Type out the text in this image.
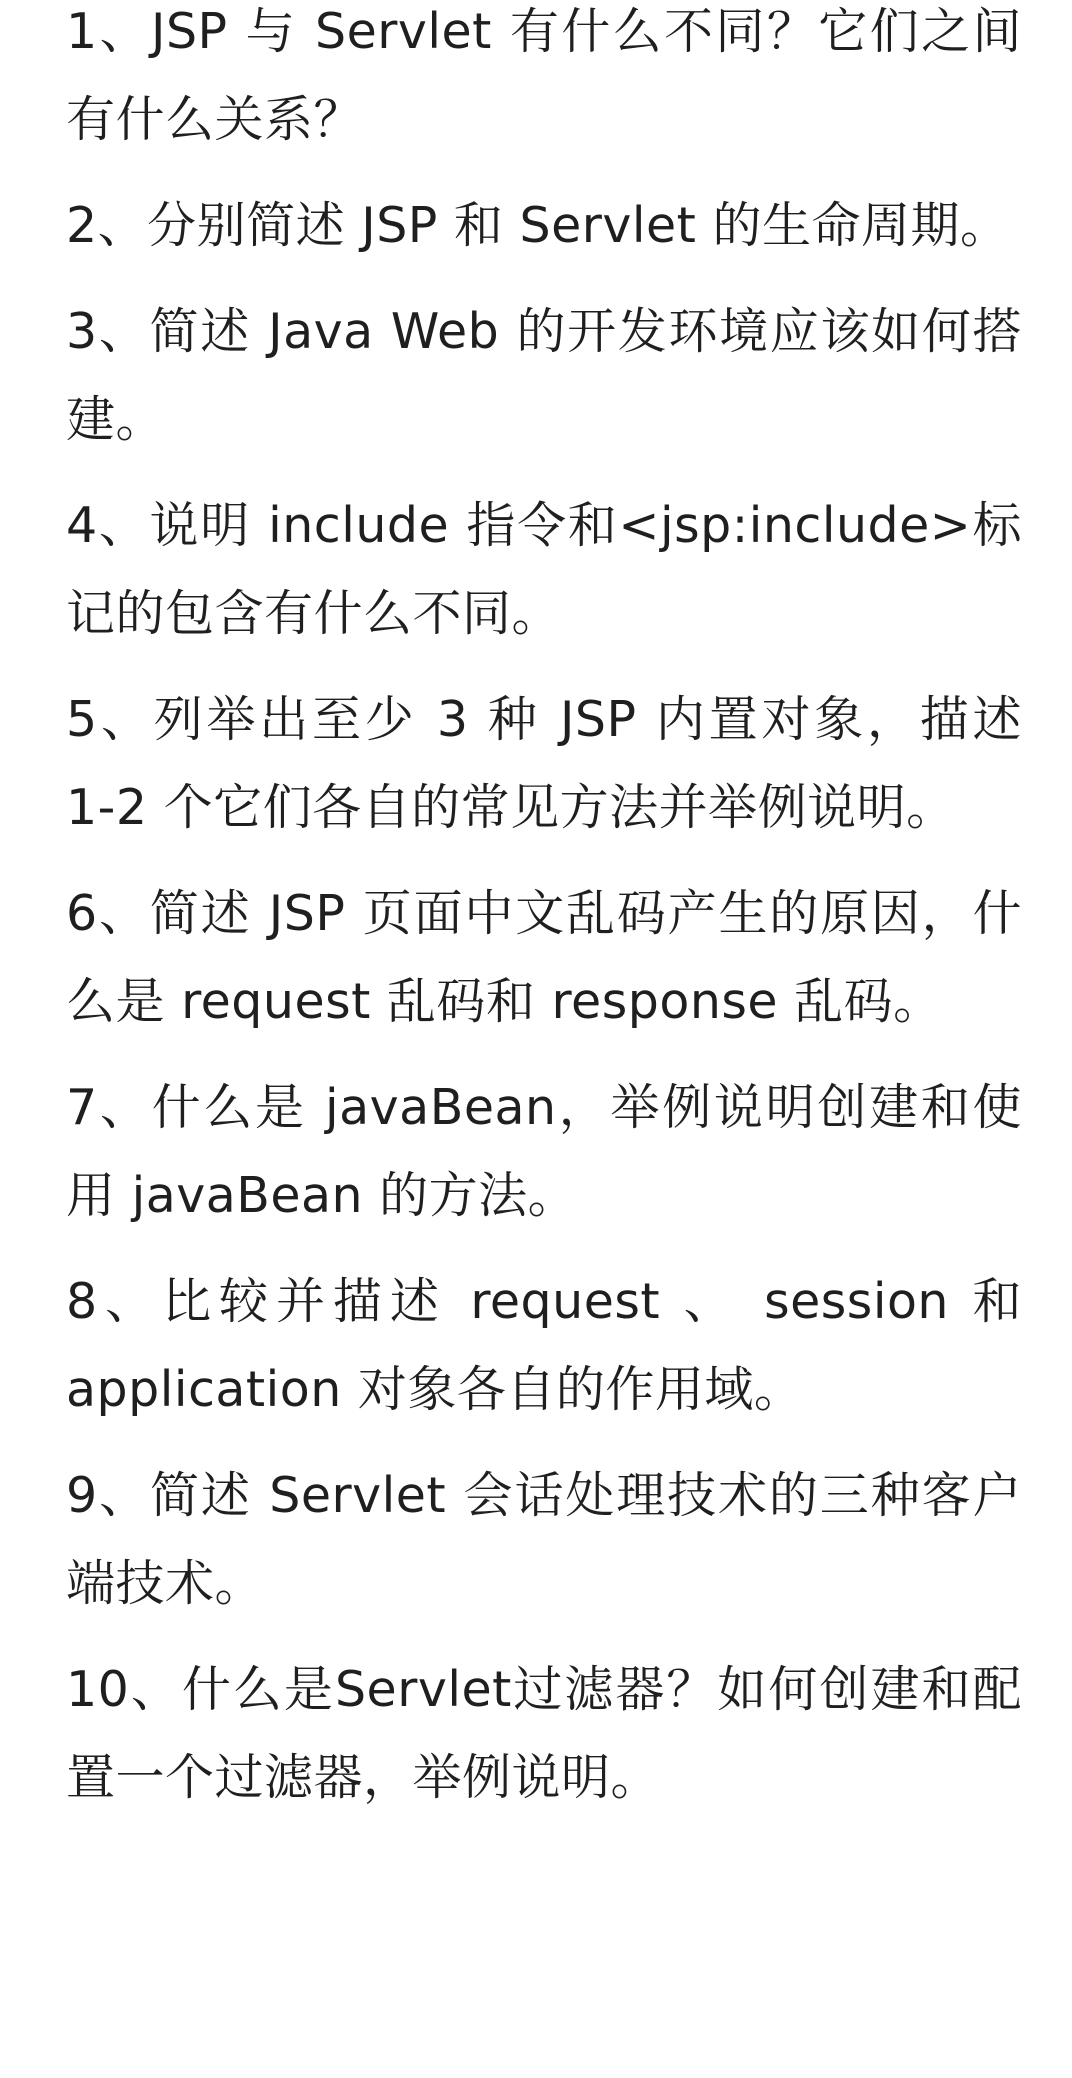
1、JSP 与 Servlet 有什么不同？它们之间有什么关系？
2、分别简述 JSP 和 Servlet 的生命周期。
3、简述 Java Web 的开发环境应该如何搭建。
4、说明 include 指令和<jsp:include>标记的包含有什么不同。
5、列举出至少 3 种 JSP 内置对象，描述 1-2 个它们各自的常见方法并举例说明。
6、简述 JSP 页面中文乱码产生的原因，什么是 request 乱码和 response 乱码。
7、什么是 javaBean，举例说明创建和使用 javaBean 的方法。
8、比较并描述 request 、 session 和 application 对象各自的作用域。
9、简述 Servlet 会话处理技术的三种客户端技术。
10、什么是Servlet过滤器？如何创建和配置一个过滤器，举例说明。
